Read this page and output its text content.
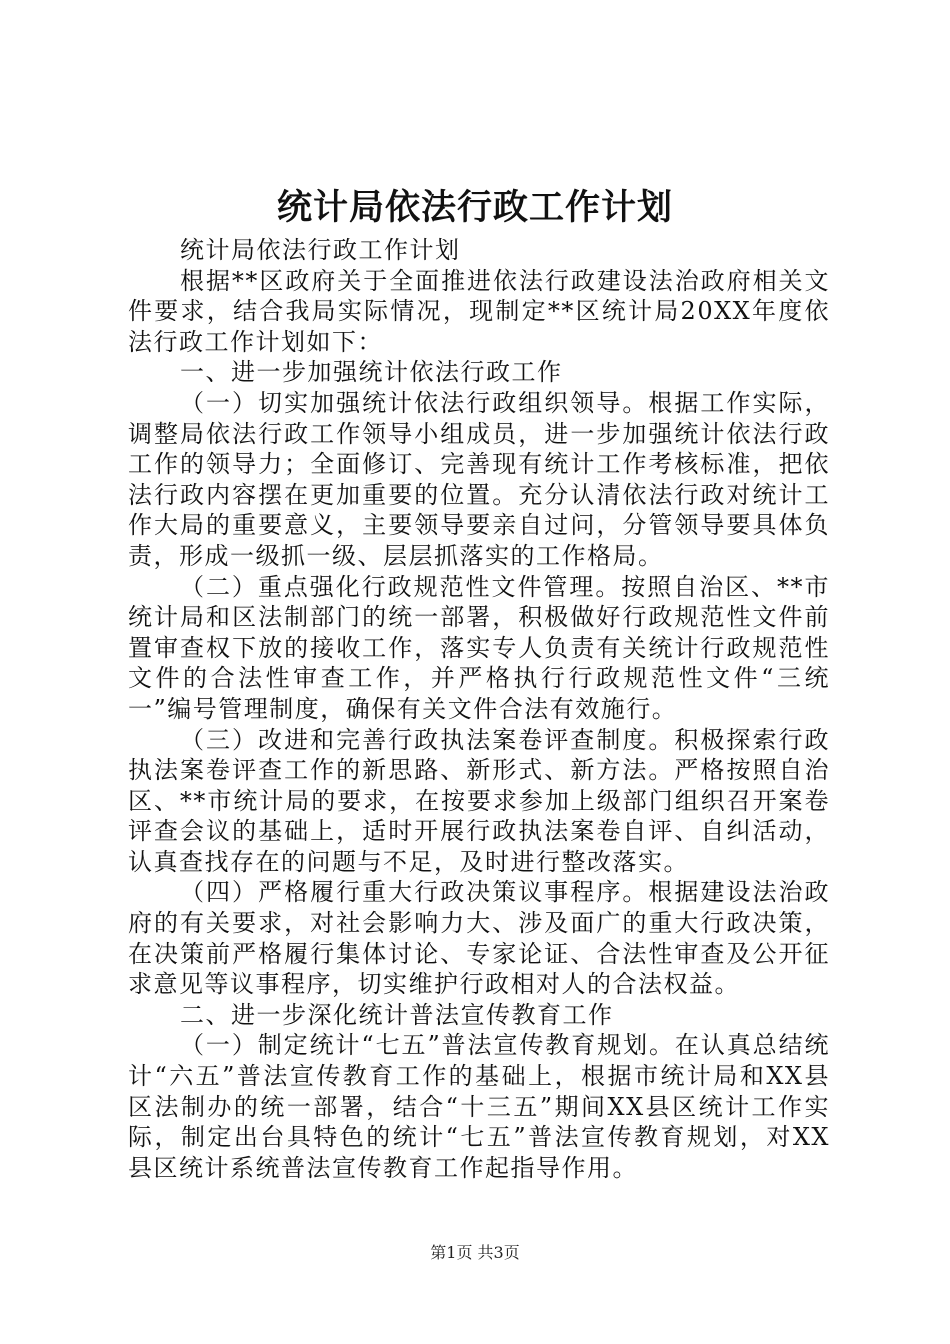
统计局依法行政工作计划

统计局依法行政工作计划

根据**区政府关于全面推进依法行政建设法治政府相关文件要求，结合我局实际情况，现制定**区统计局20XX年度依法行政工作计划如下：

一、进一步加强统计依法行政工作

（一）切实加强统计依法行政组织领导。根据工作实际，调整局依法行政工作领导小组成员，进一步加强统计依法行政工作的领导力；全面修订、完善现有统计工作考核标准，把依法行政内容摆在更加重要的位置。充分认清依法行政对统计工作大局的重要意义，主要领导要亲自过问，分管领导要具体负责，形成一级抓一级、层层抓落实的工作格局。

（二）重点强化行政规范性文件管理。按照自治区、**市统计局和区法制部门的统一部署，积极做好行政规范性文件前置审查权下放的接收工作，落实专人负责有关统计行政规范性文件的合法性审查工作，并严格执行行政规范性文件“三统一”编号管理制度，确保有关文件合法有效施行。

（三）改进和完善行政执法案卷评查制度。积极探索行政执法案卷评查工作的新思路、新形式、新方法。严格按照自治区、**市统计局的要求，在按要求参加上级部门组织召开案卷评查会议的基础上，适时开展行政执法案卷自评、自纠活动，认真查找存在的问题与不足，及时进行整改落实。

（四）严格履行重大行政决策议事程序。根据建设法治政府的有关要求，对社会影响力大、涉及面广的重大行政决策，在决策前严格履行集体讨论、专家论证、合法性审查及公开征求意见等议事程序，切实维护行政相对人的合法权益。

二、进一步深化统计普法宣传教育工作

（一）制定统计“七五”普法宣传教育规划。在认真总结统计“六五”普法宣传教育工作的基础上，根据市统计局和XX县区法制办的统一部署，结合“十三五”期间XX县区统计工作实际，制定出台具特色的统计“七五”普法宣传教育规划，对XX县区统计系统普法宣传教育工作起指导作用。

第1页 共3页
